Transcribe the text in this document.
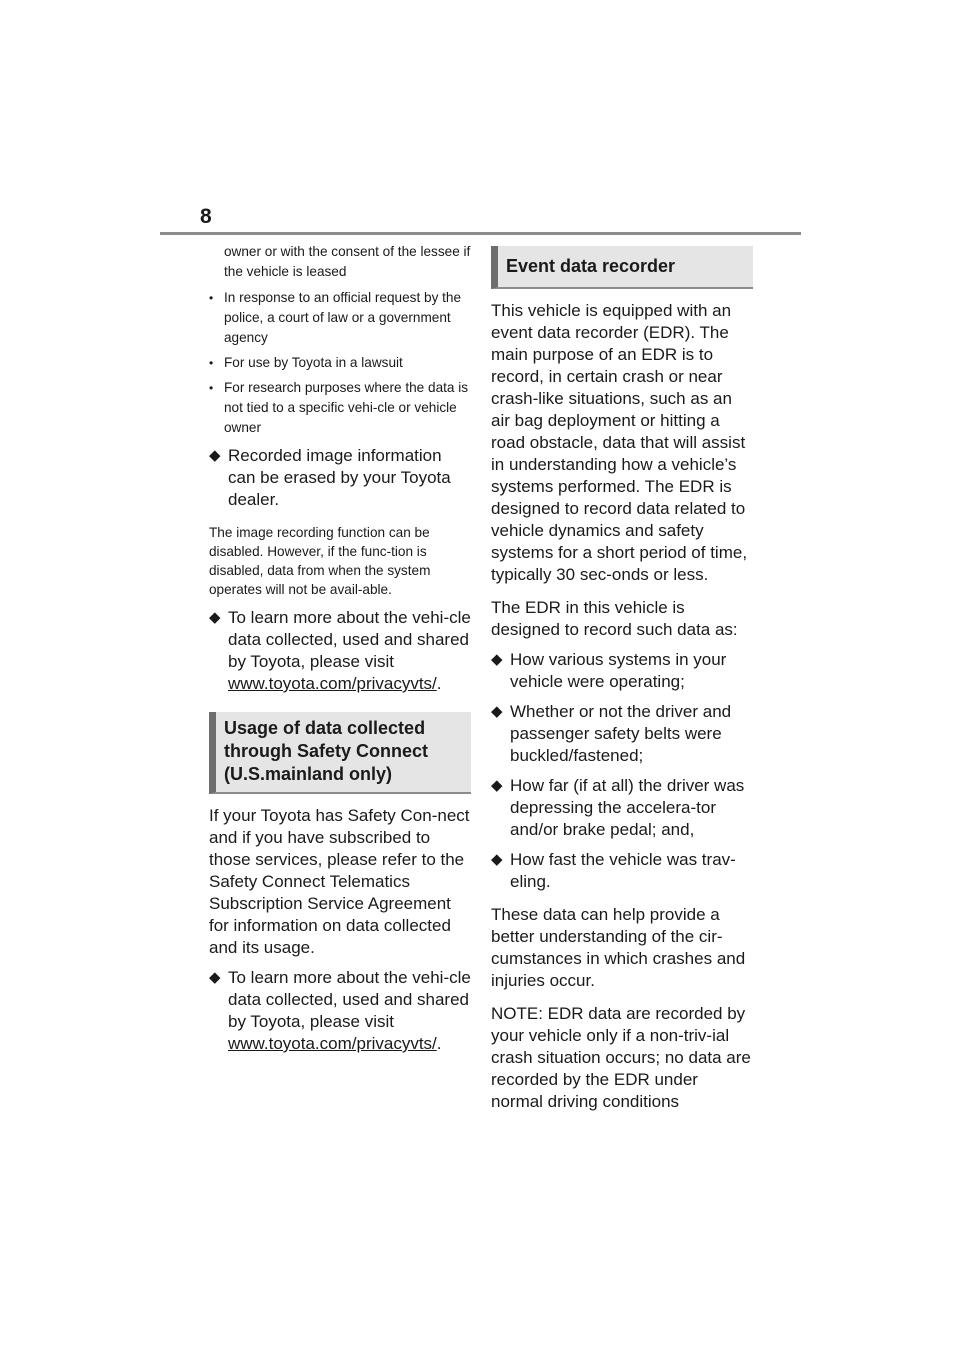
8
owner or with the consent of the lessee if the vehicle is leased
• In response to an official request by the police, a court of law or a government agency
• For use by Toyota in a lawsuit
• For research purposes where the data is not tied to a specific vehi-cle or vehicle owner
◆ Recorded image information can be erased by your Toyota dealer.
The image recording function can be disabled. However, if the func-tion is disabled, data from when the system operates will not be avail-able.
◆ To learn more about the vehi-cle data collected, used and shared by Toyota, please visit www.toyota.com/privacyvts/.
Usage of data collected through Safety Connect (U.S.mainland only)
If your Toyota has Safety Con-nect and if you have subscribed to those services, please refer to the Safety Connect Telematics Subscription Service Agreement for information on data collected and its usage.
◆ To learn more about the vehi-cle data collected, used and shared by Toyota, please visit www.toyota.com/privacyvts/.
Event data recorder
This vehicle is equipped with an event data recorder (EDR). The main purpose of an EDR is to record, in certain crash or near crash-like situations, such as an air bag deployment or hitting a road obstacle, data that will assist in understanding how a vehicle’s systems performed. The EDR is designed to record data related to vehicle dynamics and safety systems for a short period of time, typically 30 sec-onds or less.
The EDR in this vehicle is designed to record such data as:
◆ How various systems in your vehicle were operating;
◆ Whether or not the driver and passenger safety belts were buckled/fastened;
◆ How far (if at all) the driver was depressing the accelera-tor and/or brake pedal; and,
◆ How fast the vehicle was trav-eling.
These data can help provide a better understanding of the cir-cumstances in which crashes and injuries occur.
NOTE: EDR data are recorded by your vehicle only if a non-triv-ial crash situation occurs; no data are recorded by the EDR under normal driving conditions
